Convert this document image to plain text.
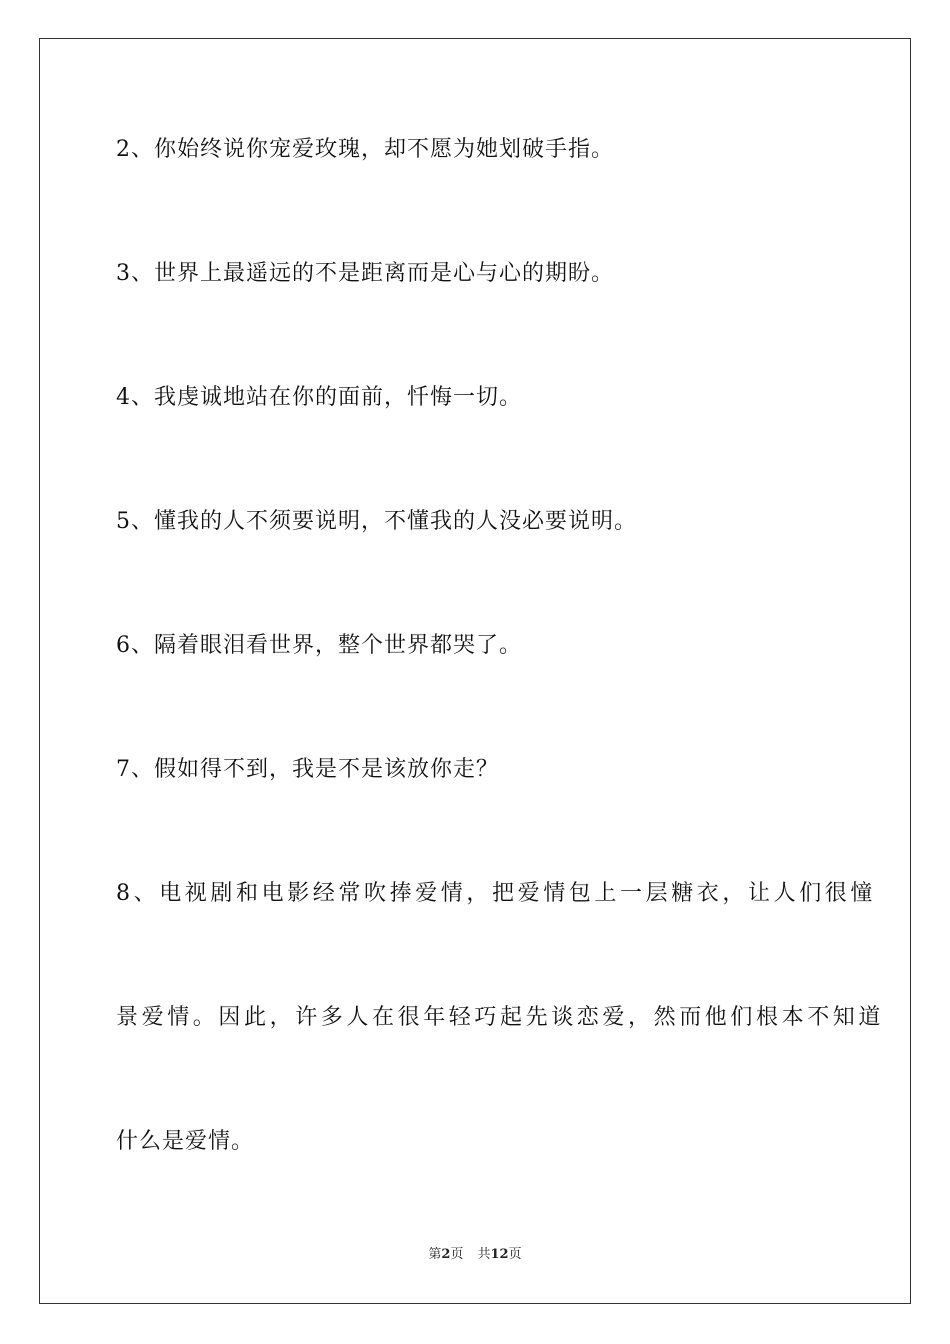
2、你始终说你宠爱玫瑰，却不愿为她划破手指。
3、世界上最遥远的不是距离而是心与心的期盼。
4、我虔诚地站在你的面前，忏悔一切。
5、懂我的人不须要说明，不懂我的人没必要说明。
6、隔着眼泪看世界，整个世界都哭了。
7、假如得不到，我是不是该放你走？
8、电视剧和电影经常吹捧爱情，把爱情包上一层糖衣，让人们很憧
景爱情。因此，许多人在很年轻巧起先谈恋爱，然而他们根本不知道
什么是爱情。
第2页 共12页
